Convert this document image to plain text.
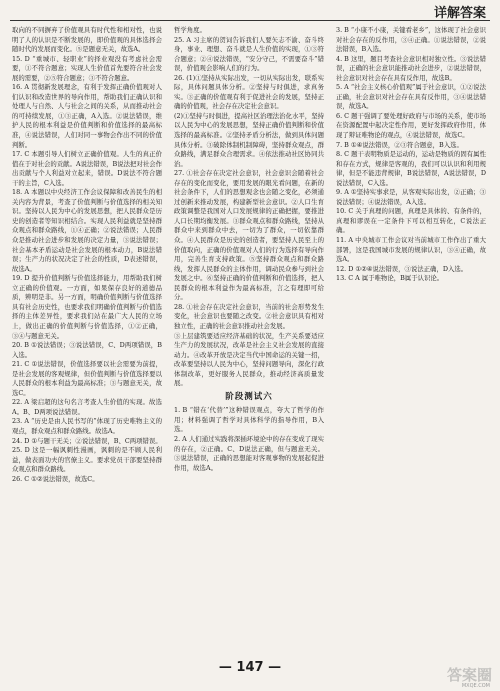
详解答案

取向的不同摒弃了价值观具有时代性和相对性，也说明了人的认识是不断发展的，即价值观的具体选择会随时代的发展而变化。⑤是题意无关，故选A。

15. D “重城市、轻职业”的择业观没有考虑社会需要，①不符合题意；实现人生价值首先要符合社会发展的需要，②⑤符合题意；③不符合题意。

16. A 贯彻新发展理念，有利于发挥正确价值观对人们认识和改造世界的导向作用，帮助我们正确认识和处理人与自然、人与社会之间的关系，从而推动社会的可持续发展，①③正确，A入选。②说法错误，维护人民的根本利益是价值判断和价值选择的最高标准，④说法错误，人们对同一事物会作出不同的价值判断。

17. C 本题引导人们树立正确价值观。人生的真正价值在于对社会的贡献。A说法错误，B说法把对社会作出贡献与个人利益对立起来，错误。D说法不符合题干的主旨，C入选。

18. A 本题以中央经济工作会议保障和改善民生的相关内容为背景，考查了价值判断与价值选择的相关知识。坚持以人民为中心的发展思想，把人民群众是历史的创造者等知识相结合。实现人民利益就是坚持群众观点和群众路线，①④正确；②说法错误；人民群众是推动社会进步和发展的决定力量，③说法错误；社会基本矛盾运动是社会发展的根本动力，B说法错误；生产力的状况决定了社会的性质，D表述错误，故选A。

19. D 提升价值判断与价值选择能力，用帮助我们树立正确的价值观。一方面，如果保存良好的道德品质，辨明是非。另一方面，明确价值判断与价值选择具有社会历史性，也要求我们明确价值判断与价值选择的主体差异性，要求我们站在最广大人民的立场上，做出正确的价值判断与价值选择，①②正确，③④与题意无关。

20. B ①说法错误；③说法错误，C、D两项错误，B入选。

21. C ①说法错误，价值选择要以社会需要为前提，是社会发展的客观规律，但价值判断与价值选择要以人民群众的根本利益为最高标准；③与题意无关，故选C。

22. A 梁启超的这句名言考查人生价值的实现。故选A。B、D两项说法错误。

23. A “历史是由人民书写的”体现了历史唯物主义的观点，群众观点和群众路线。故选A。

24. D ①与题干无关；②说法错误，B、C两项错误。

25. D 这是一幅讽刺性漫画，讽刺的是不顾人民利益，做表面功夫的官僚主义。要求党员干部要坚持群众观点和群众路线。

26. C ①②说法错误，故选C。

哲学角度。

25. A 习主席的贺词告诉我们人要矢志不渝、奋斗终身，事业、理想、奋斗就是人生价值的实现，①③符合题意；②④说法错误，“安分守己，不需要奋斗”错误，价值观会影响人们的行为。

26. (1)①坚持从实际出发，一切从实际出发，联系实际，具体问题具体分析。②坚持与时俱进，求真务实。③正确的价值观有利于促进社会的发展，坚持正确的价值观，社会存在决定社会意识。

(2)①坚持与时俱进，提高社区治理法治化水平，坚持以人民为中心的发展思想，坚持正确价值判断和价值选择的最高标准。②坚持矛盾分析法，做到具体问题具体分析。③破除体制机制障碍，坚持群众观点，群众路线，满足群众合理需求。④依法推动社区协同共治。

27. ①社会存在决定社会意识，社会意识会随着社会存在的变化而变化，要用发展的眼光看问题，在新的社会条件下，人们的思想观念也会随之变化，必须通过创新来推动发展，构建新型社会意识。②人口生育政策调整是我国对人口发展规律的正确把握，要推进人口长期均衡发展。③群众观点和群众路线，坚持从群众中来到群众中去，一切为了群众，一切依靠群众。④人民群众是历史的创造者，要坚持人民至上的价值取向，正确的价值观对人们的行为选择有导向作用，完善生育支持政策。⑤坚持群众观点和群众路线，发挥人民群众的主体作用，调动民众参与到社会发展之中。⑥坚持正确的价值判断和价值选择，把人民群众的根本利益作为最高标准，言之有理即可给分。

28. ①社会存在决定社会意识，当前的社会形势发生变化，社会意识也要随之改变。②社会意识具有相对独立性，正确的社会意识推动社会发展。

③上层建筑要适应经济基础的状况，生产关系要适应生产力的发展状况，改革是社会主义社会发展的直接动力。④改革开放是决定当代中国命运的关键一招，改革要坚持以人民为中心，坚持问题导向，深化行政体制改革，更好服务人民群众，推动经济高质量发展。

阶段测试六

1. B “错在‘代替’”这种错误观点，夸大了哲学的作用；材料强调了哲学对具体科学的指导作用，B入选。

2. A 人们通过实践将深插环境论中的存在变成了现实的存在，②正确。C、D说法正确，但与题意无关。③说法错误，正确的思想能对客观事物的发展起促进作用，故选A。

3. B “小康不小康，关键看老乡”，这体现了社会意识对社会存在的反作用，③④正确。①说法错误，②说法错误，B入选。

4. B 这里，题目考查社会意识相对独立性。③说法错误，正确的社会意识能推动社会进步，②说法错误，社会意识对社会存在具有反作用，故选B。

5. A “社会主义核心价值观”属于社会意识，①②说法正确，社会意识对社会存在具有反作用，③④说法错误，故选A。

6. C 题干强调了要处理好政府与市场的关系，使市场在资源配置中起决定性作用，更好发挥政府作用，体现了辩证唯物论的观点，④说法错误，故选C。

7. B ①④说法错误，②③符合题意，B入选。

8. C 题干表明物质是运动的，运动是物质的固有属性和存在方式，规律是客观的，我们可以认识和利用规律，但是不能违背规律，B说法错误，A说法错误，D说法错误，C入选。

9. A ①坚持实事求是，从客观实际出发，②正确；③说法错误；④说法错误，A入选。

10. C 关于真理的问题，真理是具体的、有条件的，真理和谬误在一定条件下可以相互转化，C说法正确。

11. A 中央城市工作会议对当前城市工作作出了重大部署，这是我国城市发展的规律认识，③④正确，故选A。

12. D ①②④说法错误，③说法正确，D入选。

13. C A 属于唯物论，B属于认识论。

— 147 —	答案圈
MXQE.COM
